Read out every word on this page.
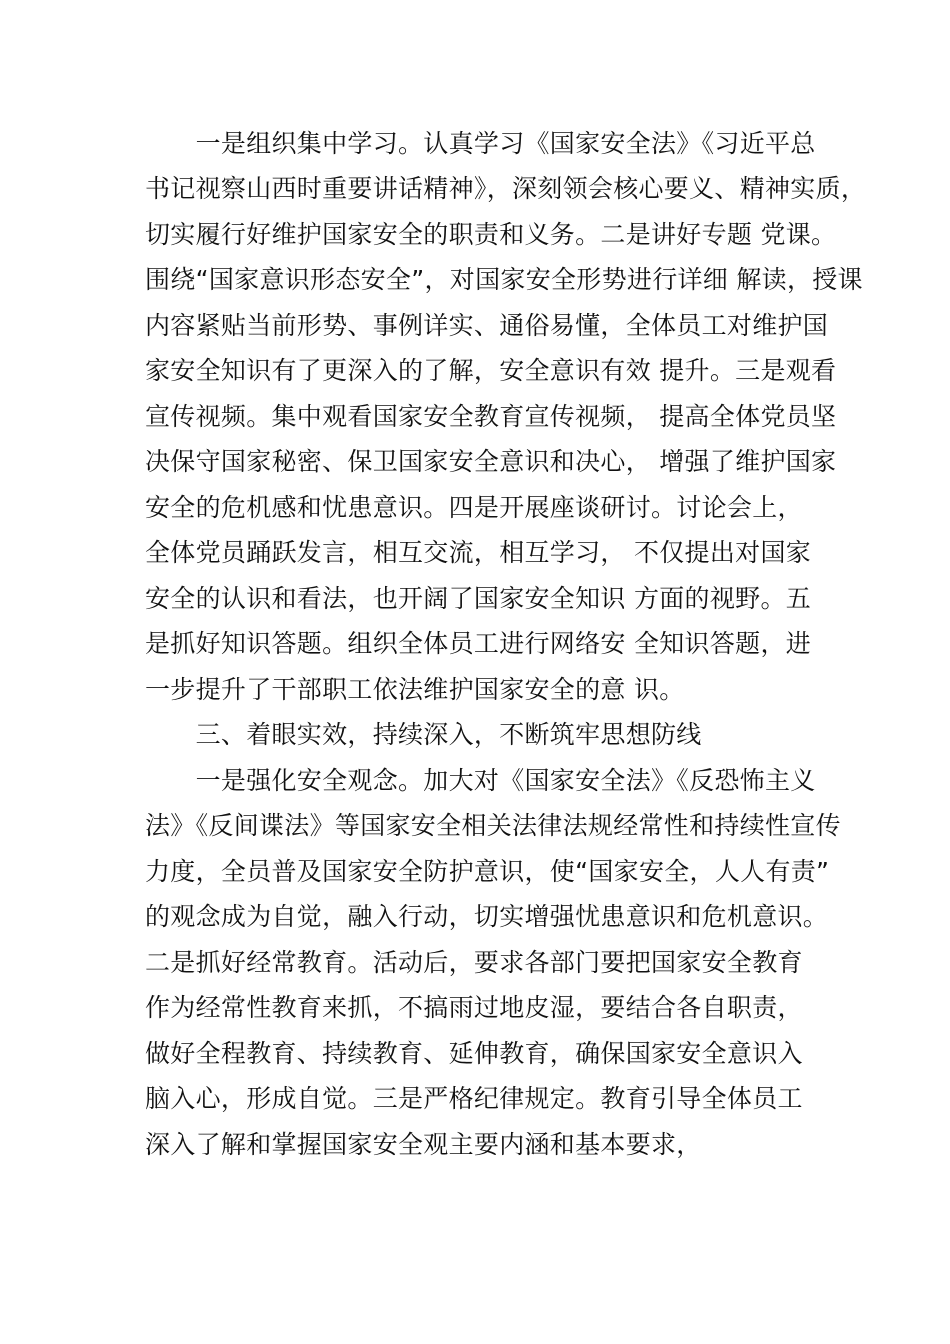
　　一是组织集中学习。认真学习《国家安全法》《习近平总
书记视察山西时重要讲话精神》，深刻领会核心要义、精神实质，
切实履行好维护国家安全的职责和义务。二是讲好专题 党课。
围绕“国家意识形态安全”，对国家安全形势进行详细 解读，授课
内容紧贴当前形势、事例详实、通俗易懂，全体员工对维护国
家安全知识有了更深入的了解，安全意识有效 提升。三是观看
宣传视频。集中观看国家安全教育宣传视频， 提高全体党员坚
决保守国家秘密、保卫国家安全意识和决心， 增强了维护国家
安全的危机感和忧患意识。四是开展座谈研讨。讨论会上，
全体党员踊跃发言，相互交流，相互学习， 不仅提出对国家
安全的认识和看法，也开阔了国家安全知识 方面的视野。五
是抓好知识答题。组织全体员工进行网络安 全知识答题，进
一步提升了干部职工依法维护国家安全的意 识。
　　三、着眼实效，持续深入，不断筑牢思想防线
　　一是强化安全观念。加大对《国家安全法》《反恐怖主义
法》《反间谍法》等国家安全相关法律法规经常性和持续性宣传
力度，全员普及国家安全防护意识，使“国家安全，人人有责”
的观念成为自觉，融入行动，切实增强忧患意识和危机意识。
二是抓好经常教育。活动后，要求各部门要把国家安全教育
作为经常性教育来抓，不搞雨过地皮湿，要结合各自职责，
做好全程教育、持续教育、延伸教育，确保国家安全意识入
脑入心，形成自觉。三是严格纪律规定。教育引导全体员工
深入了解和掌握国家安全观主要内涵和基本要求，
